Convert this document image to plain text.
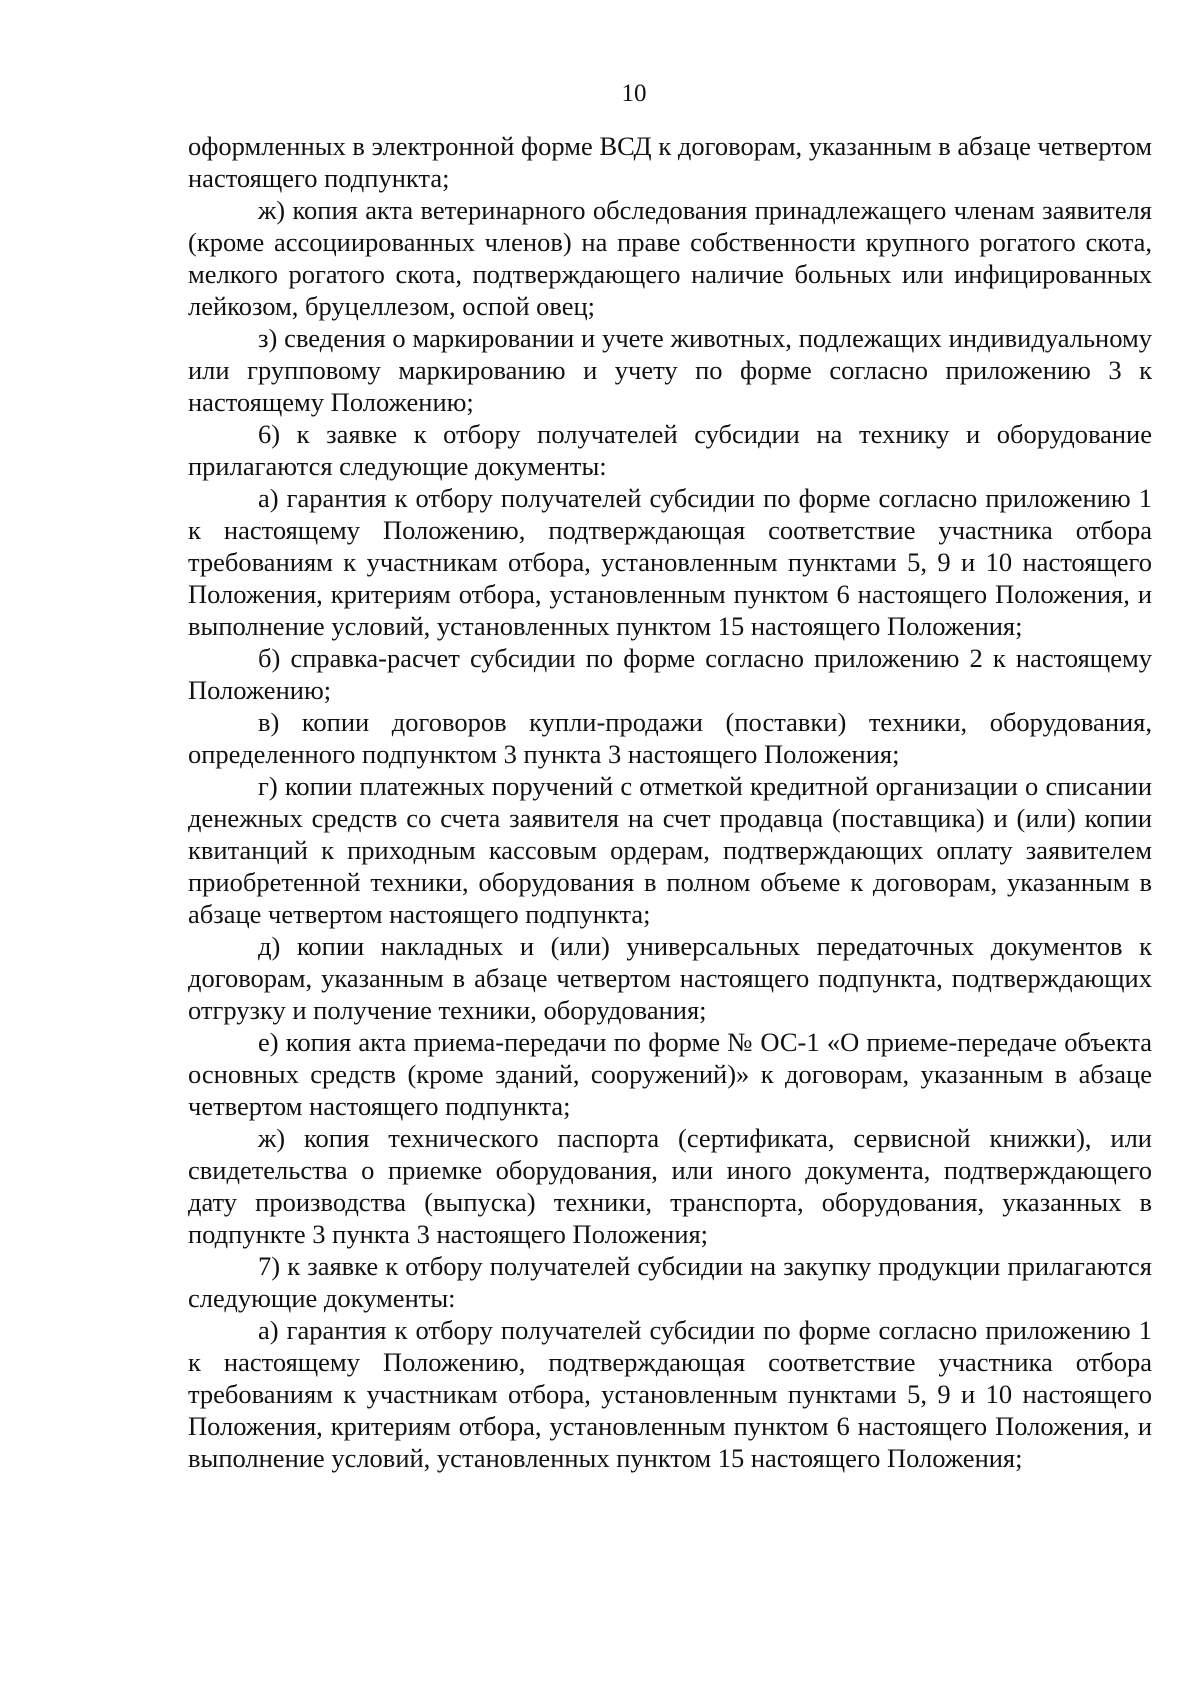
10

оформленных в электронной форме ВСД к договорам, указанным в абзаце четвертом настоящего подпункта;

ж) копия акта ветеринарного обследования принадлежащего членам заявителя (кроме ассоциированных членов) на праве собственности крупного рогатого скота, мелкого рогатого скота, подтверждающего наличие больных или инфицированных лейкозом, бруцеллезом, оспой овец;

з) сведения о маркировании и учете животных, подлежащих индивидуальному или групповому маркированию и учету по форме согласно приложению 3 к настоящему Положению;

6) к заявке к отбору получателей субсидии на технику и оборудование прилагаются следующие документы:

а) гарантия к отбору получателей субсидии по форме согласно приложению 1 к настоящему Положению, подтверждающая соответствие участника отбора требованиям к участникам отбора, установленным пунктами 5, 9 и 10 настоящего Положения, критериям отбора, установленным пунктом 6 настоящего Положения, и выполнение условий, установленных пунктом 15 настоящего Положения;

б) справка-расчет субсидии по форме согласно приложению 2 к настоящему Положению;

в) копии договоров купли-продажи (поставки) техники, оборудования, определенного подпунктом 3 пункта 3 настоящего Положения;

г) копии платежных поручений с отметкой кредитной организации о списании денежных средств со счета заявителя на счет продавца (поставщика) и (или) копии квитанций к приходным кассовым ордерам, подтверждающих оплату заявителем приобретенной техники, оборудования в полном объеме к договорам, указанным в абзаце четвертом настоящего подпункта;

д) копии накладных и (или) универсальных передаточных документов к договорам, указанным в абзаце четвертом настоящего подпункта, подтверждающих отгрузку и получение техники, оборудования;

е) копия акта приема-передачи по форме № ОС-1 «О приеме-передаче объекта основных средств (кроме зданий, сооружений)» к договорам, указанным в абзаце четвертом настоящего подпункта;

ж) копия технического паспорта (сертификата, сервисной книжки), или свидетельства о приемке оборудования, или иного документа, подтверждающего дату производства (выпуска) техники, транспорта, оборудования, указанных в подпункте 3 пункта 3 настоящего Положения;

7) к заявке к отбору получателей субсидии на закупку продукции прилагаются следующие документы:

а) гарантия к отбору получателей субсидии по форме согласно приложению 1 к настоящему Положению, подтверждающая соответствие участника отбора требованиям к участникам отбора, установленным пунктами 5, 9 и 10 настоящего Положения, критериям отбора, установленным пунктом 6 настоящего Положения, и выполнение условий, установленных пунктом 15 настоящего Положения;
